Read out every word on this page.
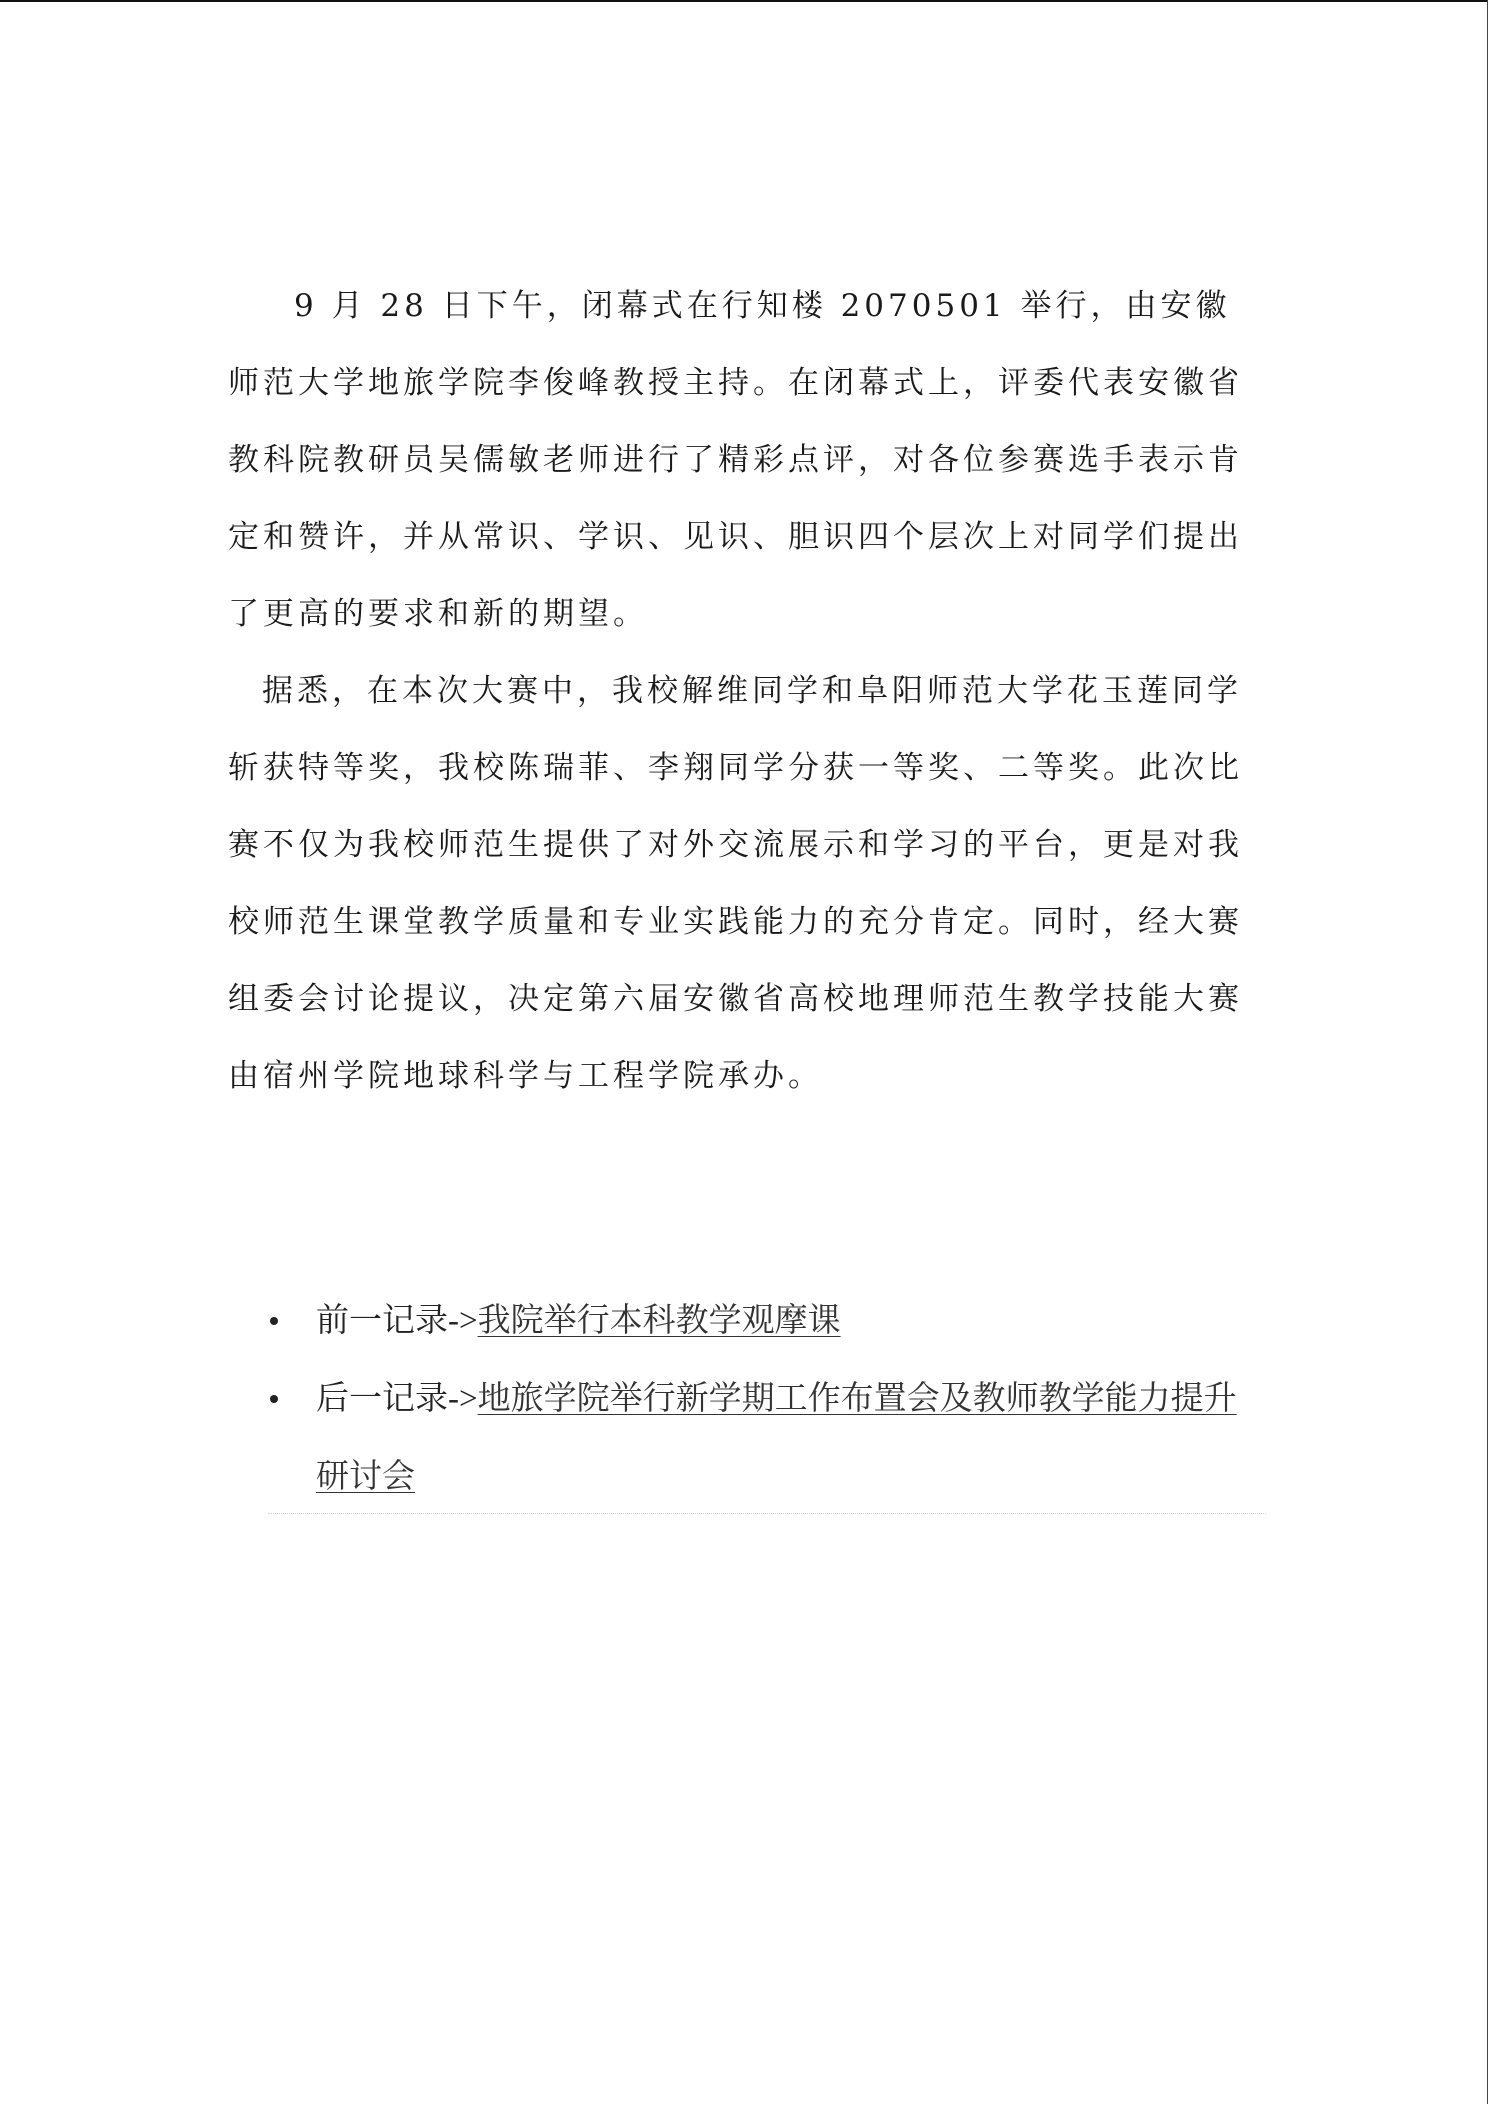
9 月 28 日下午，闭幕式在行知楼 2070501 举行，由安徽师范大学地旅学院李俊峰教授主持。在闭幕式上，评委代表安徽省教科院教研员吴儒敏老师进行了精彩点评，对各位参赛选手表示肯定和赞许，并从常识、学识、见识、胆识四个层次上对同学们提出了更高的要求和新的期望。

据悉，在本次大赛中，我校解维同学和阜阳师范大学花玉莲同学斩获特等奖，我校陈瑞菲、李翔同学分获一等奖、二等奖。此次比赛不仅为我校师范生提供了对外交流展示和学习的平台，更是对我校师范生课堂教学质量和专业实践能力的充分肯定。同时，经大赛组委会讨论提议，决定第六届安徽省高校地理师范生教学技能大赛由宿州学院地球科学与工程学院承办。

前一记录->我院举行本科教学观摩课
后一记录->地旅学院举行新学期工作布置会及教师教学能力提升研讨会
